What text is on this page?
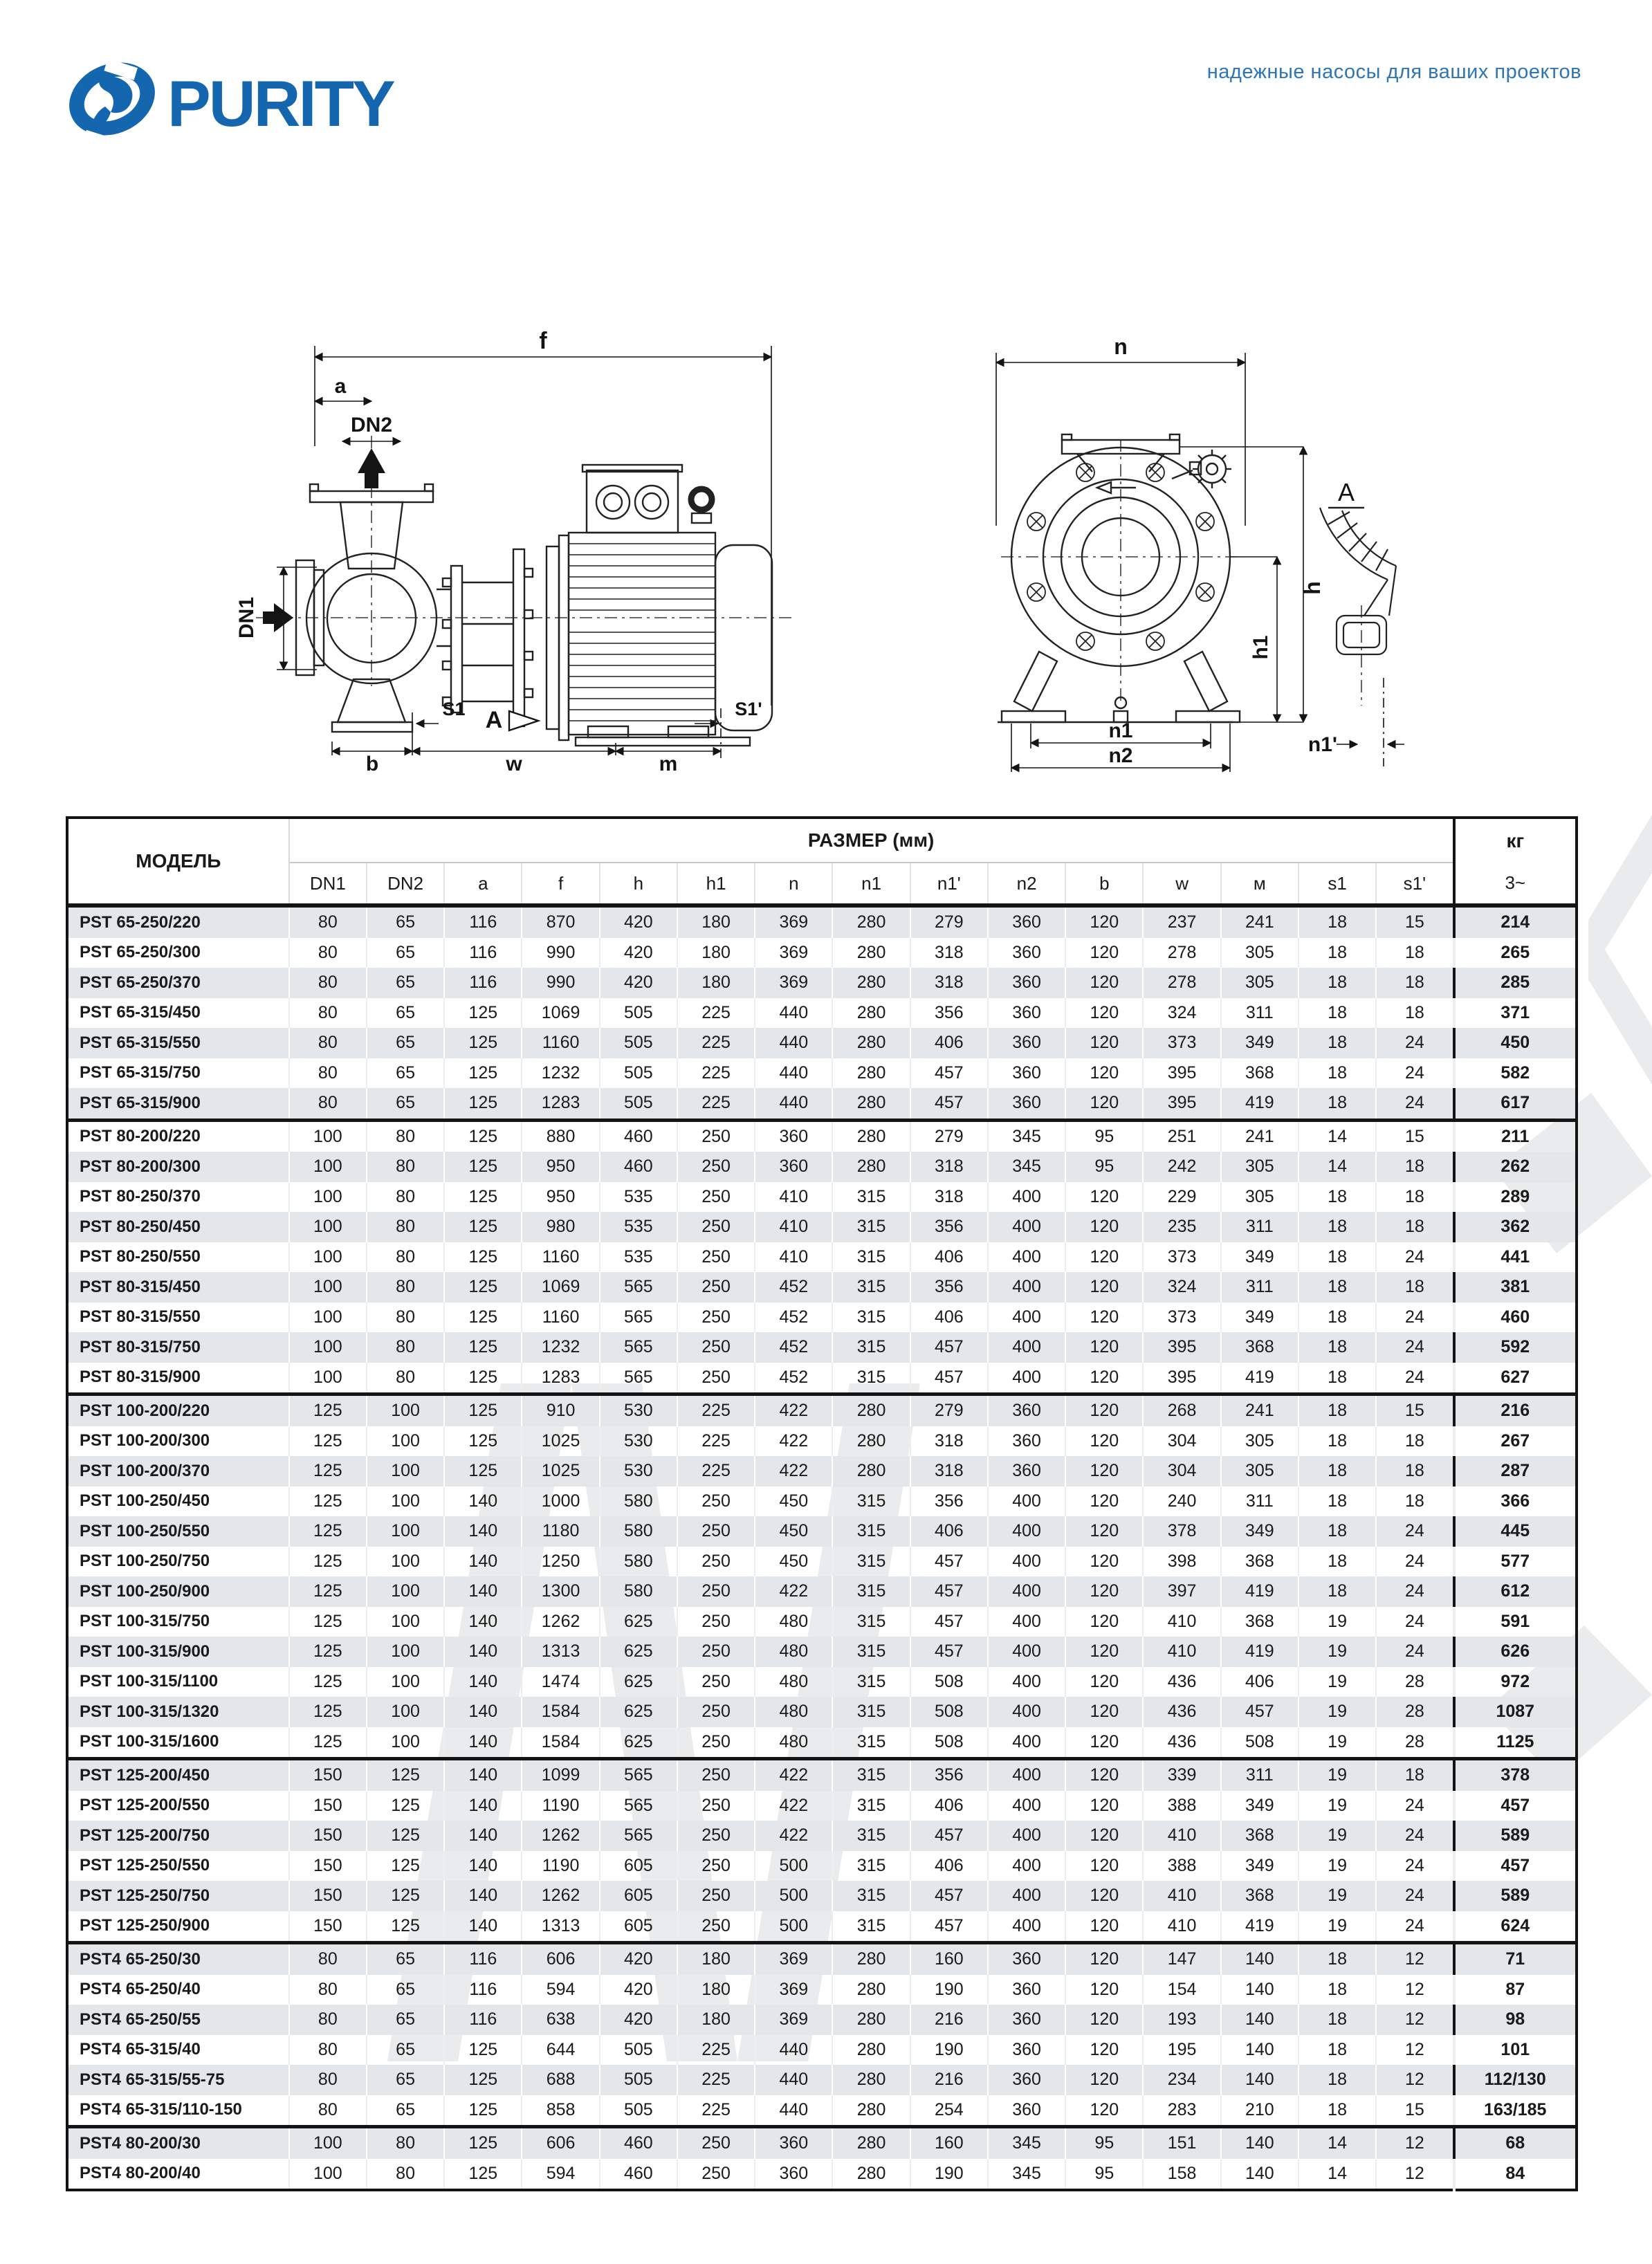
PURITY	надежные насосы для ваших проектов
f
a
DN2
DN1
S1 A	S1'
b	w	m
n
h
h1
A
n1
n2	n1'
МОДЕЛЬ	РАЗМЕР (мм)															кг
3~

	DN1	DN2	a	f	h	h1	n	n1	n1'	n2	b	w	м	s1	s1'	
PST 65-250/220	80	65	116	870	420	180	369	280	279	360	120	237	241	18	15	214
PST 65-250/300	80	65	116	990	420	180	369	280	318	360	120	278	305	18	18	265
PST 65-250/370	80	65	116	990	420	180	369	280	318	360	120	278	305	18	18	285
PST 65-315/450	80	65	125	1069	505	225	440	280	356	360	120	324	311	18	18	371
PST 65-315/550	80	65	125	1160	505	225	440	280	406	360	120	373	349	18	24	450
PST 65-315/750	80	65	125	1232	505	225	440	280	457	360	120	395	368	18	24	582
PST 65-315/900	80	65	125	1283	505	225	440	280	457	360	120	395	419	18	24	617
PST 80-200/220	100	80	125	880	460	250	360	280	279	345	95	251	241	14	15	211
PST 80-200/300	100	80	125	950	460	250	360	280	318	345	95	242	305	14	18	262
PST 80-250/370	100	80	125	950	535	250	410	315	318	400	120	229	305	18	18	289
PST 80-250/450	100	80	125	980	535	250	410	315	356	400	120	235	311	18	18	362
PST 80-250/550	100	80	125	1160	535	250	410	315	406	400	120	373	349	18	24	441
PST 80-315/450	100	80	125	1069	565	250	452	315	356	400	120	324	311	18	18	381
PST 80-315/550	100	80	125	1160	565	250	452	315	406	400	120	373	349	18	24	460
PST 80-315/750	100	80	125	1232	565	250	452	315	457	400	120	395	368	18	24	592
PST 80-315/900	100	80	125	1283	565	250	452	315	457	400	120	395	419	18	24	627
PST 100-200/220	125	100	125	910	530	225	422	280	279	360	120	268	241	18	15	216
PST 100-200/300	125	100	125	1025	530	225	422	280	318	360	120	304	305	18	18	267
PST 100-200/370	125	100	125	1025	530	225	422	280	318	360	120	304	305	18	18	287
PST 100-250/450	125	100	140	1000	580	250	450	315	356	400	120	240	311	18	18	366
PST 100-250/550	125	100	140	1180	580	250	450	315	406	400	120	378	349	18	24	445
PST 100-250/750	125	100	140	1250	580	250	450	315	457	400	120	398	368	18	24	577
PST 100-250/900	125	100	140	1300	580	250	422	315	457	400	120	397	419	18	24	612
PST 100-315/750	125	100	140	1262	625	250	480	315	457	400	120	410	368	19	24	591
PST 100-315/900	125	100	140	1313	625	250	480	315	457	400	120	410	419	19	24	626
PST 100-315/1100	125	100	140	1474	625	250	480	315	508	400	120	436	406	19	28	972
PST 100-315/1320	125	100	140	1584	625	250	480	315	508	400	120	436	457	19	28	1087
PST 100-315/1600	125	100	140	1584	625	250	480	315	508	400	120	436	508	19	28	1125
PST 125-200/450	150	125	140	1099	565	250	422	315	356	400	120	339	311	19	18	378
PST 125-200/550	150	125	140	1190	565	250	422	315	406	400	120	388	349	19	24	457
PST 125-200/750	150	125	140	1262	565	250	422	315	457	400	120	410	368	19	24	589
PST 125-250/550	150	125	140	1190	605	250	500	315	406	400	120	388	349	19	24	457
PST 125-250/750	150	125	140	1262	605	250	500	315	457	400	120	410	368	19	24	589
PST 125-250/900	150	125	140	1313	605	250	500	315	457	400	120	410	419	19	24	624
PST4 65-250/30	80	65	116	606	420	180	369	280	160	360	120	147	140	18	12	71
PST4 65-250/40	80	65	116	594	420	180	369	280	190	360	120	154	140	18	12	87
PST4 65-250/55	80	65	116	638	420	180	369	280	216	360	120	193	140	18	12	98
PST4 65-315/40	80	65	125	644	505	225	440	280	190	360	120	195	140	18	12	101
PST4 65-315/55-75	80	65	125	688	505	225	440	280	216	360	120	234	140	18	12	112/130
PST4 65-315/110-150	80	65	125	858	505	225	440	280	254	360	120	283	210	18	15	163/185
PST4 80-200/30	100	80	125	606	460	250	360	280	160	345	95	151	140	14	12	68
PST4 80-200/40	100	80	125	594	460	250	360	280	190	345	95	158	140	14	12	84
